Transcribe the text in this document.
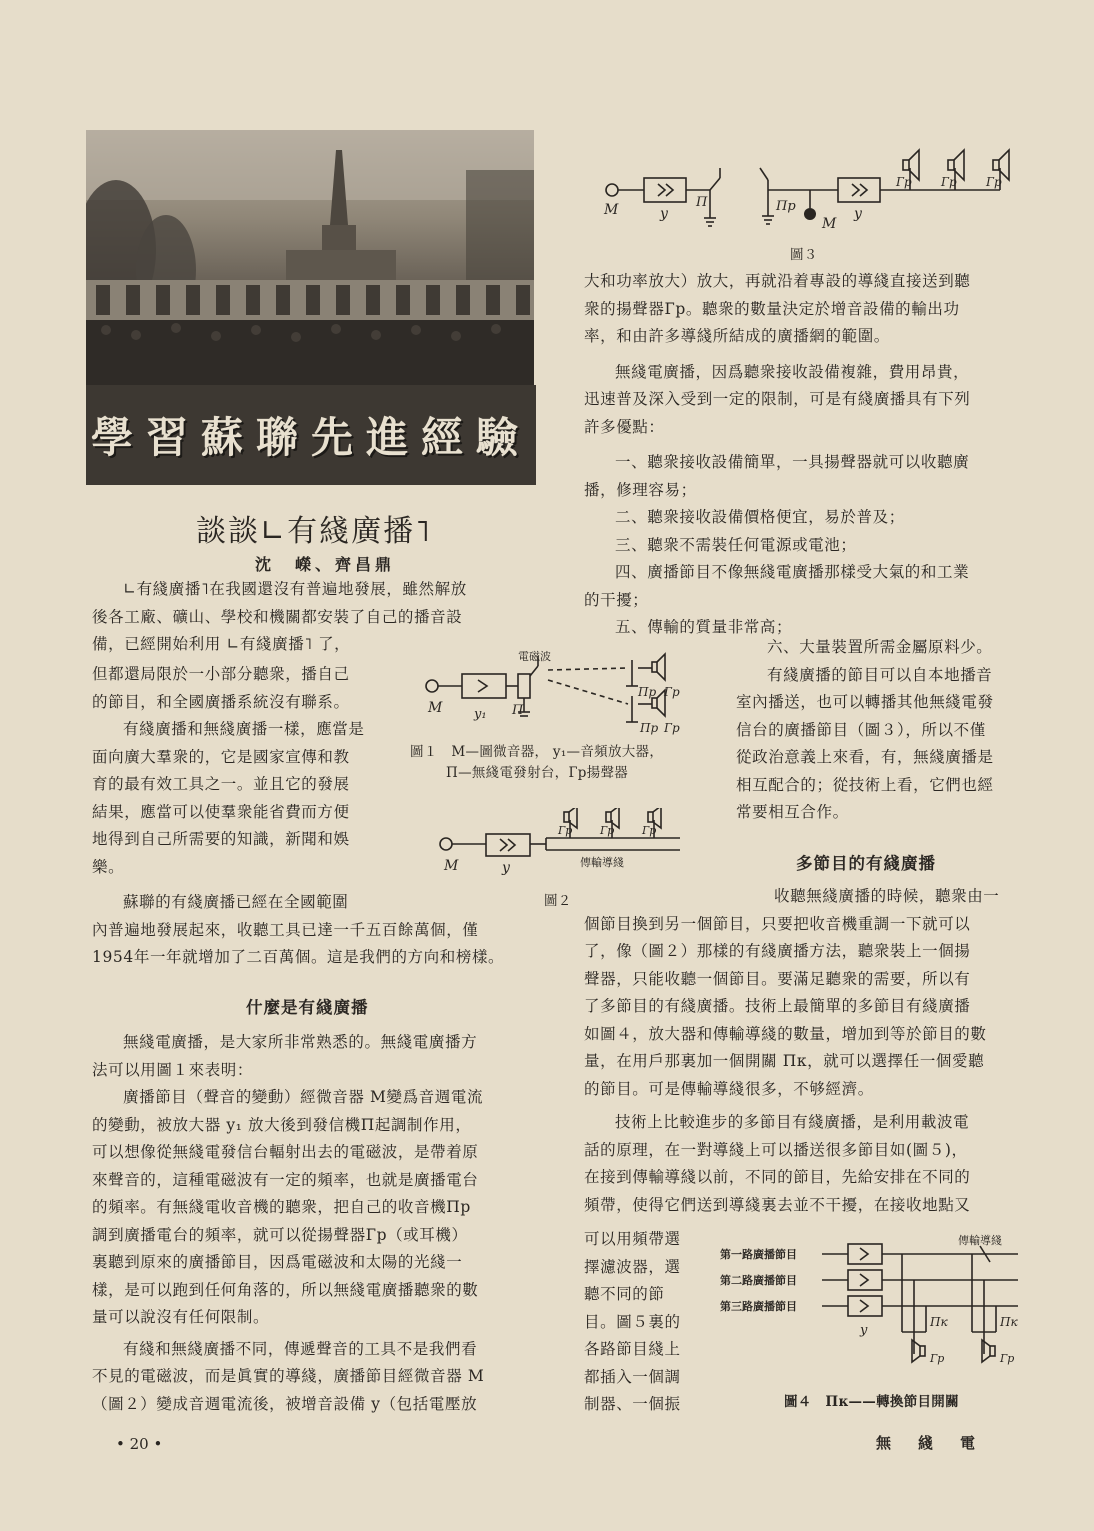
學習蘇聯先進經驗
談談∟有綫廣播˥
沈　嶸、齊昌鼎

∟有綫廣播˥在我國還沒有普遍地發展，雖然解放

後各工廠、礦山、學校和機關都安裝了自己的播音設

備，已經開始利用 ∟有綫廣播˥ 了，

但都還局限於一小部分聽衆，播自己

的節目，和全國廣播系統沒有聯系。

有綫廣播和無綫廣播一樣，應當是

面向廣大羣衆的，它是國家宣傳和教

育的最有效工具之一。並且它的發展

結果，應當可以使羣衆能省費而方便

地得到自己所需要的知識，新聞和娛

樂。

蘇聯的有綫廣播已經在全國範圍

內普遍地發展起來，收聽工具已達一千五百餘萬個，僅

1954年一年就增加了二百萬個。這是我們的方向和榜樣。

什麼是有綫廣播

無綫電廣播，是大家所非常熟悉的。無綫電廣播方

法可以用圖１來表明：

廣播節目（聲音的變動）經微音器 M變爲音週電流

的變動，被放大器 y₁ 放大後到發信機П起調制作用，

可以想像從無綫電發信台輻射出去的電磁波，是帶着原

來聲音的，這種電磁波有一定的頻率，也就是廣播電台

的頻率。有無綫電收音機的聽衆，把自己的收音機Пр

調到廣播電台的頻率，就可以從揚聲器Гр（或耳機）

裏聽到原來的廣播節目，因爲電磁波和太陽的光綫一

樣，是可以跑到任何角落的，所以無綫電廣播聽衆的數

量可以說沒有任何限制。

有綫和無綫廣播不同，傳遞聲音的工具不是我們看

不見的電磁波，而是眞實的導綫，廣播節目經微音器 M

（圖２）變成音週電流後，被增音設備 y（包括電壓放

M	y
П	Пр
M
y
Гр Гр Гр
圖３

大和功率放大）放大，再就沿着專設的導綫直接送到聽

衆的揚聲器Гр。聽衆的數量決定於增音設備的輸出功

率，和由許多導綫所結成的廣播網的範圍。

無綫電廣播，因爲聽衆接收設備複雜，費用昂貴，

迅速普及深入受到一定的限制，可是有綫廣播具有下列

許多優點：

一、聽衆接收設備簡單，一具揚聲器就可以收聽廣

播，修理容易；

二、聽衆接收設備價格便宜，易於普及；

三、聽衆不需裝任何電源或電池；

四、廣播節目不像無綫電廣播那樣受大氣的和工業

的干擾；

五、傳輸的質量非常高；

六、大量裝置所需金屬原料少。

有綫廣播的節目可以自本地播音

室內播送，也可以轉播其他無綫電發

信台的廣播節目（圖３），所以不僅

從政治意義上來看，有，無綫廣播是

相互配合的；從技術上看，它們也經

常要相互合作。

多節目的有綫廣播

收聽無綫廣播的時候，聽衆由一

個節目換到另一個節目，只要把收音機重調一下就可以

了，像（圖２）那樣的有綫廣播方法，聽衆裝上一個揚

聲器，只能收聽一個節目。要滿足聽衆的需要，所以有

了多節目的有綫廣播。技術上最簡單的多節目有綫廣播

如圖４，放大器和傳輸導綫的數量，增加到等於節目的數

量，在用戶那裏加一個開關 Пк，就可以選擇任一個愛聽

的節目。可是傳輸導綫很多，不够經濟。

技術上比較進步的多節目有綫廣播，是利用載波電

話的原理，在一對導綫上可以播送很多節目如(圖５)，

在接到傳輸導綫以前，不同的節目，先給安排在不同的

頻帶，使得它們送到導綫裏去並不干擾，在接收地點又

可以用頻帶選

擇濾波器，選

聽不同的節

目。圖５裏的

各路節目綫上

都插入一個調

制器、一個振

M y₁ П
電磁波
Пр
Пр
Гр
Гр
圖１　M—圖微音器， y₁—音頻放大器，
П—無綫電發射台，Гр揚聲器
M	y
Гр	Гр	Гр
傳輸導綫
圖２
第一路廣播節目
第二路廣播節目
第三路廣播節目
傳輸導綫
y
Пк	Пк
Гр	Гр
圖４　Пк——轉換節目開關
• 20 •	無　綫　電
